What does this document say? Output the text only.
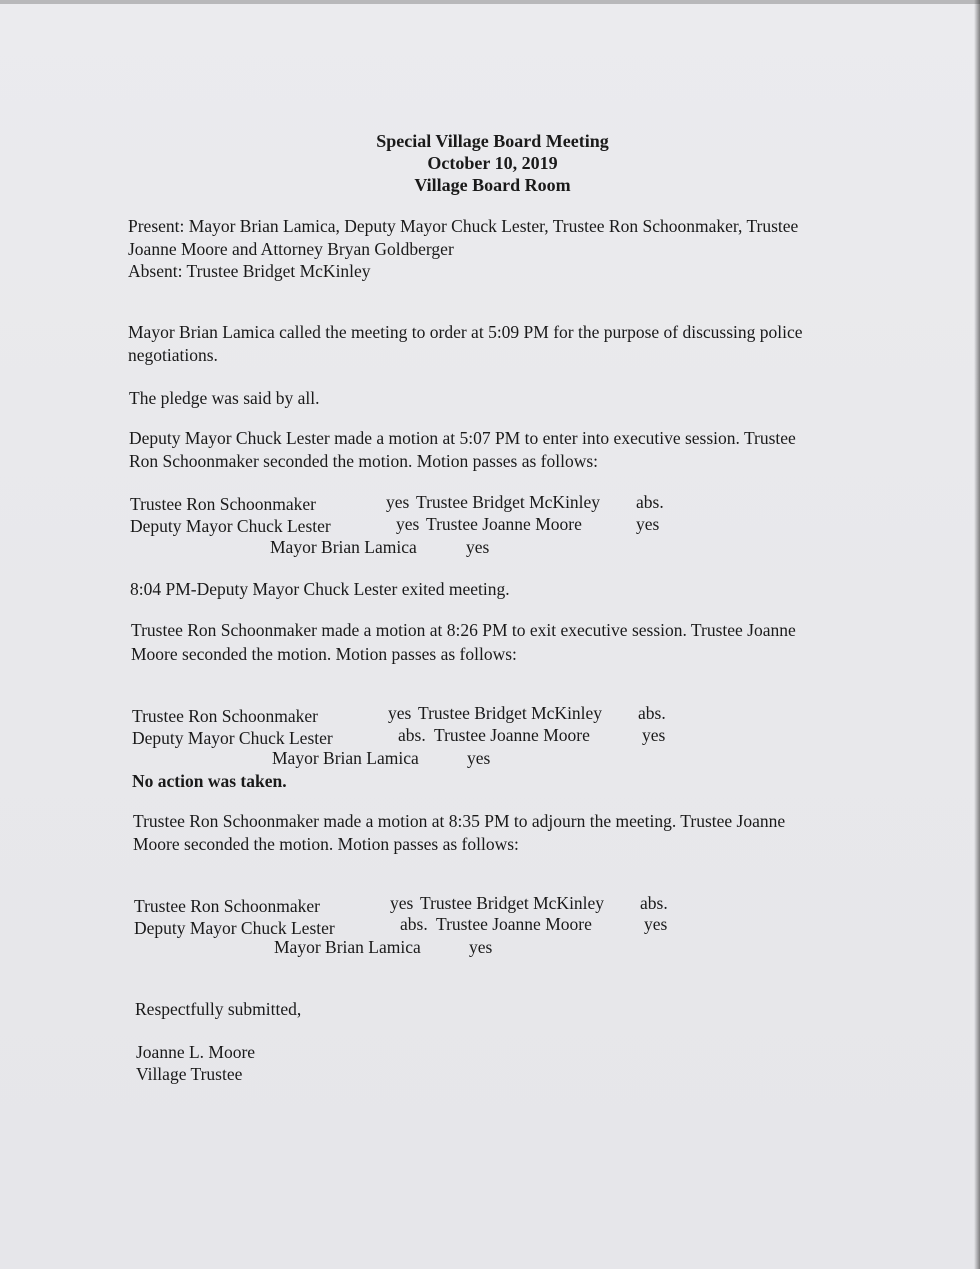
Special Village Board Meeting
October 10, 2019
Village Board Room
Present: Mayor Brian Lamica, Deputy Mayor Chuck Lester, Trustee Ron Schoonmaker, Trustee
Joanne Moore and Attorney Bryan Goldberger
Absent: Trustee Bridget McKinley
Mayor Brian Lamica called the meeting to order at 5:09 PM for the purpose of discussing police
negotiations.
The pledge was said by all.
Deputy Mayor Chuck Lester made a motion at 5:07 PM to enter into executive session. Trustee
Ron Schoonmaker seconded the motion. Motion passes as follows:
Trustee Ron Schoonmaker	yes Trustee Bridget McKinley abs.
Deputy Mayor Chuck Lester	yes Trustee Joanne Moore	yes
Mayor Brian Lamica	yes
8:04 PM-Deputy Mayor Chuck Lester exited meeting.
Trustee Ron Schoonmaker made a motion at 8:26 PM to exit executive session. Trustee Joanne
Moore seconded the motion. Motion passes as follows:
Trustee Ron Schoonmaker	yes Trustee Bridget McKinley abs.
Deputy Mayor Chuck Lester	abs. Trustee Joanne Moore	yes
Mayor Brian Lamica	yes
No action was taken.
Trustee Ron Schoonmaker made a motion at 8:35 PM to adjourn the meeting. Trustee Joanne
Moore seconded the motion. Motion passes as follows:
Trustee Ron Schoonmaker	yes Trustee Bridget McKinley abs.
Deputy Mayor Chuck Lester	abs. Trustee Joanne Moore	yes
Mayor Brian Lamica	yes
Respectfully submitted,
Joanne L. Moore
Village Trustee
